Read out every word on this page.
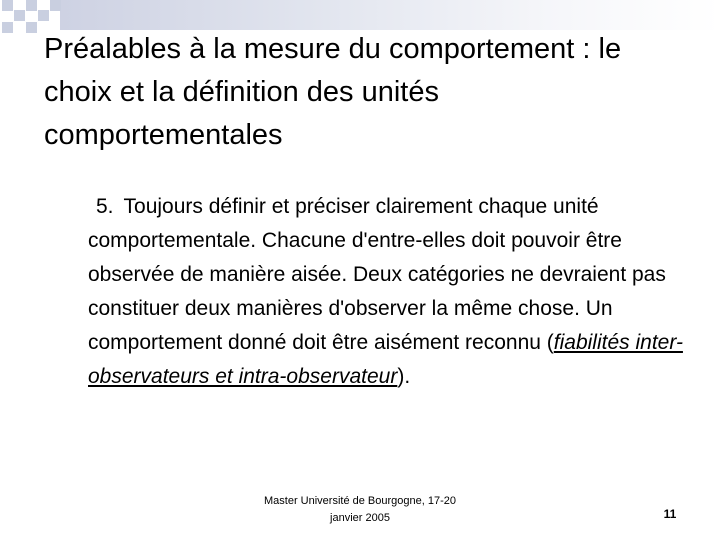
Préalables à la mesure du comportement : le choix et la définition des unités comportementales

5. Toujours définir et préciser clairement chaque unité comportementale. Chacune d'entre-elles doit pouvoir être observée de manière aisée. Deux catégories ne devraient pas constituer deux manières d'observer la même chose. Un comportement donné doit être aisément reconnu (fiabilités inter-observateurs et intra-observateur).

Master Université de Bourgogne, 17-20
janvier 2005	11
